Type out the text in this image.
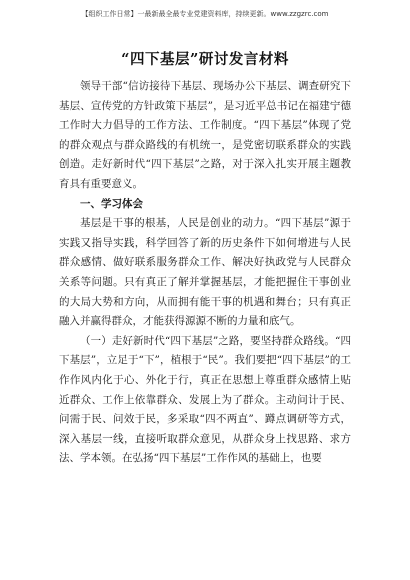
【组织工作日常】一最新最全最专业党建资料库，持续更新。www.zzgzrc.com
“四下基层”研讨发言材料

领导干部“信访接待下基层、现场办公下基层、调查研究下基层、宣传党的方针政策下基层”，是习近平总书记在福建宁德工作时大力倡导的工作方法、工作制度。“四下基层”体现了党的群众观点与群众路线的有机统一，是党密切联系群众的实践创造。走好新时代“四下基层”之路，对于深入扎实开展主题教育具有重要意义。

一、学习体会

基层是干事的根基，人民是创业的动力。“四下基层”源于实践又指导实践，科学回答了新的历史条件下如何增进与人民群众感情、做好联系服务群众工作、解决好执政党与人民群众关系等问题。只有真正了解并掌握基层，才能把握住干事创业的大局大势和方向，从而拥有能干事的机遇和舞台；只有真正融入并赢得群众，才能获得源源不断的力量和底气。

（一）走好新时代“四下基层”之路，要坚持群众路线。“四下基层”，立足于“下”，植根于“民”。我们要把“四下基层”的工作作风内化于心、外化于行，真正在思想上尊重群众感情上贴近群众、工作上依靠群众、发展上为了群众。主动问计于民、问需于民、问效于民，多采取“四不两直”、蹲点调研等方式，深入基层一线，直接听取群众意见，从群众身上找思路、求方法、学本领。在弘扬“四下基层”工作作风的基础上，也要
